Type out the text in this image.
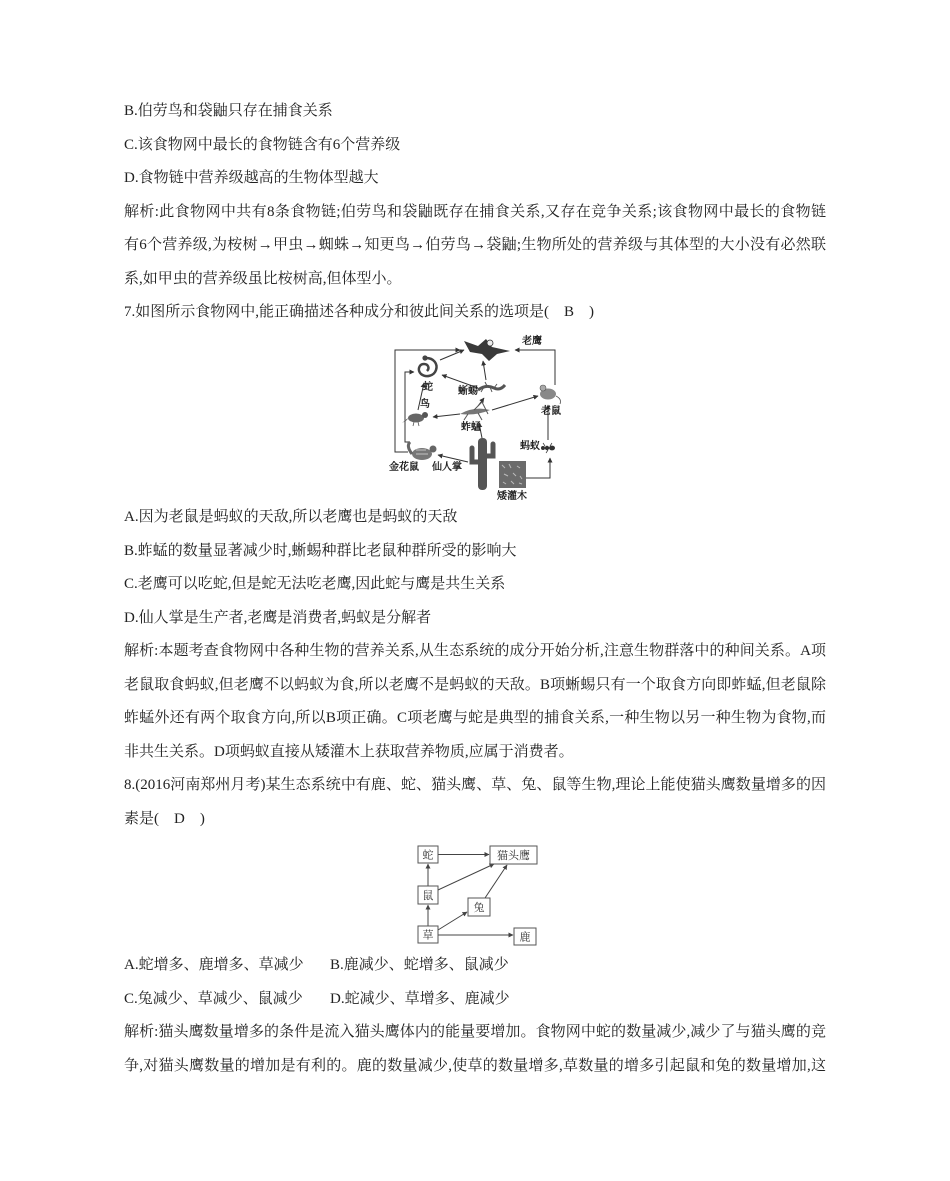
B.伯劳鸟和袋鼬只存在捕食关系
C.该食物网中最长的食物链含有6个营养级
D.食物链中营养级越高的生物体型越大
解析:此食物网中共有8条食物链;伯劳鸟和袋鼬既存在捕食关系,又存在竞争关系;该食物网中最长的食物链
有6个营养级,为桉树→甲虫→蜘蛛→知更鸟→伯劳鸟→袋鼬;生物所处的营养级与其体型的大小没有必然联
系,如甲虫的营养级虽比桉树高,但体型小。
7.如图所示食物网中,能正确描述各种成分和彼此间关系的选项是(　B　)
老鹰
蛇	蜥蜴
鸟
蚱蜢
老鼠
金花鼠 仙人掌
蚂蚁
矮灌木
A.因为老鼠是蚂蚁的天敌,所以老鹰也是蚂蚁的天敌
B.蚱蜢的数量显著减少时,蜥蜴种群比老鼠种群所受的影响大
C.老鹰可以吃蛇,但是蛇无法吃老鹰,因此蛇与鹰是共生关系
D.仙人掌是生产者,老鹰是消费者,蚂蚁是分解者
解析:本题考查食物网中各种生物的营养关系,从生态系统的成分开始分析,注意生物群落中的种间关系。A项
老鼠取食蚂蚁,但老鹰不以蚂蚁为食,所以老鹰不是蚂蚁的天敌。B项蜥蜴只有一个取食方向即蚱蜢,但老鼠除
蚱蜢外还有两个取食方向,所以B项正确。C项老鹰与蛇是典型的捕食关系,一种生物以另一种生物为食物,而
非共生关系。D项蚂蚁直接从矮灌木上获取营养物质,应属于消费者。
8.(2016河南郑州月考)某生态系统中有鹿、蛇、猫头鹰、草、兔、鼠等生物,理论上能使猫头鹰数量增多的因
素是(　D　)
蛇	猫头鹰
鼠
兔
草	鹿
A.蛇增多、鹿增多、草减少	B.鹿减少、蛇增多、鼠减少
C.兔减少、草减少、鼠减少	D.蛇减少、草增多、鹿减少
解析:猫头鹰数量增多的条件是流入猫头鹰体内的能量要增加。食物网中蛇的数量减少,减少了与猫头鹰的竞
争,对猫头鹰数量的增加是有利的。鹿的数量减少,使草的数量增多,草数量的增多引起鼠和兔的数量增加,这
